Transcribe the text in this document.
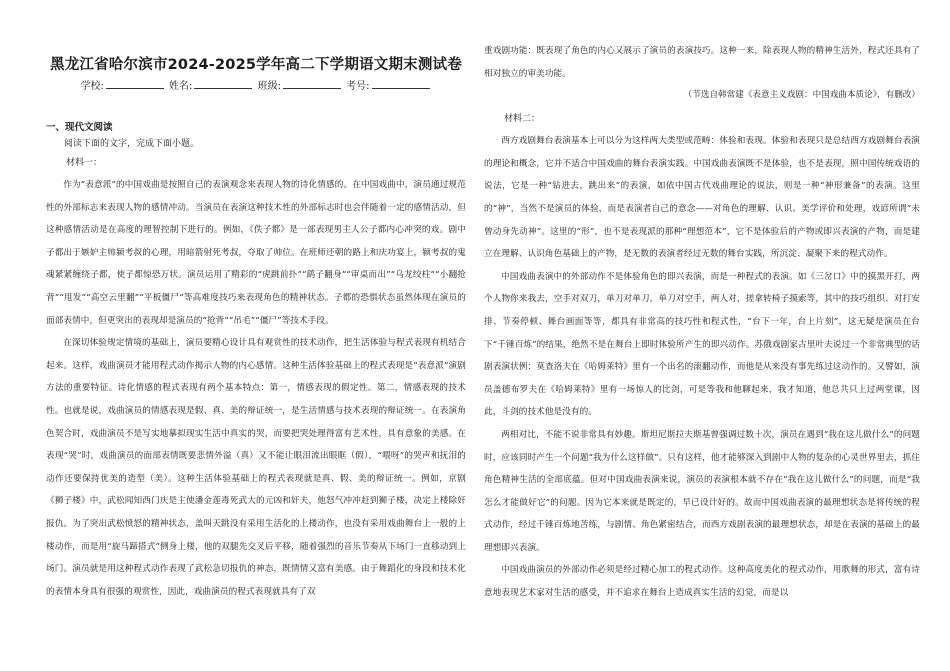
黑龙江省哈尔滨市2024-2025学年高二下学期语文期末测试卷
学校:	姓名:	班级:	考号:
一、现代文阅读
阅读下面的文字，完成下面小题。
材料一：

作为“表意派”的中国戏曲是按照自己的表演观念来表现人物的诗化情感的。在中国戏曲中，演员通过规范性的外部标志来表现人物的感情冲动。当演员在表演这种技术性的外部标志时也会伴随着一定的感情活动，但这种感情活动是在高度的理智控制下进行的。例如，《佚子都》是一部表现男主人公子都内心冲突的戏。剧中子都出于嫉妒主帅颍考叔的心理，用暗箭射死考叔，夺取了帅位。在班师还朝的路上和庆功宴上，颍考叔的鬼魂紧紧缠绕子都，使子都惊恐万状。演员运用了精彩的“虎跳前扑”“鹞子翻身”“审桌而出”“乌龙绞柱”“小翻抢背”“甩发”“高空云里翻”“平板僵尸”等高难度技巧来表现角色的精神状态。子都的恐惧状态虽然体现在演员的面部表情中，但更突出的表现却是演员的“抢背”“吊毛”“僵尸”等技术手段。

在深切体验规定情境的基础上，演员要精心设计具有观赏性的技术动作，把生活体验与程式表现有机结合起来。这样，戏曲演员才能用程式动作揭示人物的内心感情。这种生活体验基础上的程式表现是“表意派”演剧方法的重要特征。诗化情感的程式表现有两个基本特点：第一，情感表现的假定性。第二，情感表现的技术性。也就是说，戏曲演员的情感表现是假、真、美的辩证统一，是生活情感与技术表现的辩证统一。在表演角色契合时，戏曲演员不是写实地摹拟现实生活中真实的哭，而要把哭处理得富有艺术性，具有意象的美感。在表现“哭”时，戏曲演员的面部表情既要悲情外溢（真）又不能让眼泪流出眼眶（假），“喂呀”的哭声和抚泪的动作还要保持优美的造型（美）。这种生活体验基础上的程式表现就是真、假、美的辩证统一。例如，京剧《狮子楼》中，武松闻知西门庆是主使潘金莲毒死武大的元凶和奸夫，他怒气冲冲赶到狮子楼，决定上楼除奸报仇。为了突出武松愤怒的精神状态，盖叫天跳没有采用生活化的上楼动作，也没有采用戏曲舞台上一般的上楼动作，而是用“旋马蹄搭式”侧身上楼，他的双腿先交叉后平移，随着强烈的音乐节奏从下场门一直移动到上场门。演员就是用这种程式动作表现了武松急切报仇的神态，既情情又富有美感。由于舞蹈化的身段和技术化的表情本身具有很强的观赏性，因此，戏曲演员的程式表现就具有了双

重戏剧功能：既表现了角色的内心又展示了演员的表演技巧。这种一来，除表现人物的精神生活外，程式还具有了相对独立的审美功能。

（节选自韩常建《表意主义戏剧：中国戏曲本质论》，有删改）
材料二：

西方戏剧舞台表演基本上可以分为这样两大类型或范畴：体验和表现。体验和表现只是总结西方戏剧舞台表演的理论和概念，它并不适合中国戏曲的舞台表演实践。中国戏曲表演既不是体验，也不是表现，照中国传统戏语的说法，它是一种“钻进去，跳出来”的表演，如依中国古代戏曲理论的说法，则是一种“神形兼备”的表演。这里的“神”，当然不是演员的体验，而是表演者自己的意念——对角色的理解、认识、美学评价和处理，戏谚所谓“未曾动身先动神”。这里的“形”，也不是表现派的那种“理想范本”，它不是体验后的产物或即兴表演的产物，而是建立在理解、认识角色基础上的产物，是无数的表演者经过无数的舞台实践，所沉淀、凝聚下来的程式动作。

中国戏曲表演中的外部动作不是体验角色的即兴表演，而是一种程式的表演。如《三岔口》中的摸黑开打，两个人物你来我去，空手对双刀，单刀对单刀，单刀对空手，两人对，搓拿转椅子摸索等，其中的技巧组织、对打安排、节奏停顿、舞台画面等等，都具有非常高的技巧性和程式性，“台下一年，台上片刻”，这无疑是演员在台下“千锤百炼”的结果，绝然不是在舞台上即时体验所产生的即兴动作。苏俄戏剧家古里叶夫说过一个非常典型的话剧表演状例：莫查洛夫在《哈姆莱特》里有一个出名的滚翻动作，而他是从来没有事先练过这动作的。又譬如，演员盖德布罗夫在《哈姆莱特》里有一场惊人的比剑，可是等我和他聊起来，我才知道，他总共只上过两堂课，因此，斗剑的技术他是没有的。

两相对比，不能不说非常具有妙趣。斯坦尼斯拉夫斯基曾强调过数十次，演员在遇到“我在这儿做什么”的问题时，应该同时产生一个问题“我为什么这样做”。只有这样，他才能够深入到剧中人物的复杂的心灵世界里去，抓住角色精神生活的全部底蕴。但对中国戏曲表演来说，演员的表演根本就不存在“我在这儿做什么”的问题，而是“我怎么才能做好它”的问题。因为它本来就是既定的，早已设计好的。故而中国戏曲表演的最理想状态是将传统的程式动作，经过千锤百炼地苦练，与剧情、角色紧密结合，而西方戏剧表演的最理想状态，却是在表演的基础上的最理想即兴表演。

中国戏曲演员的外部动作必须是经过精心加工的程式动作。这种高度美化的程式动作，用歌舞的形式，富有诗意地表现艺术家对生活的感受，并不追求在舞台上造成真实生活的幻觉，而是以
